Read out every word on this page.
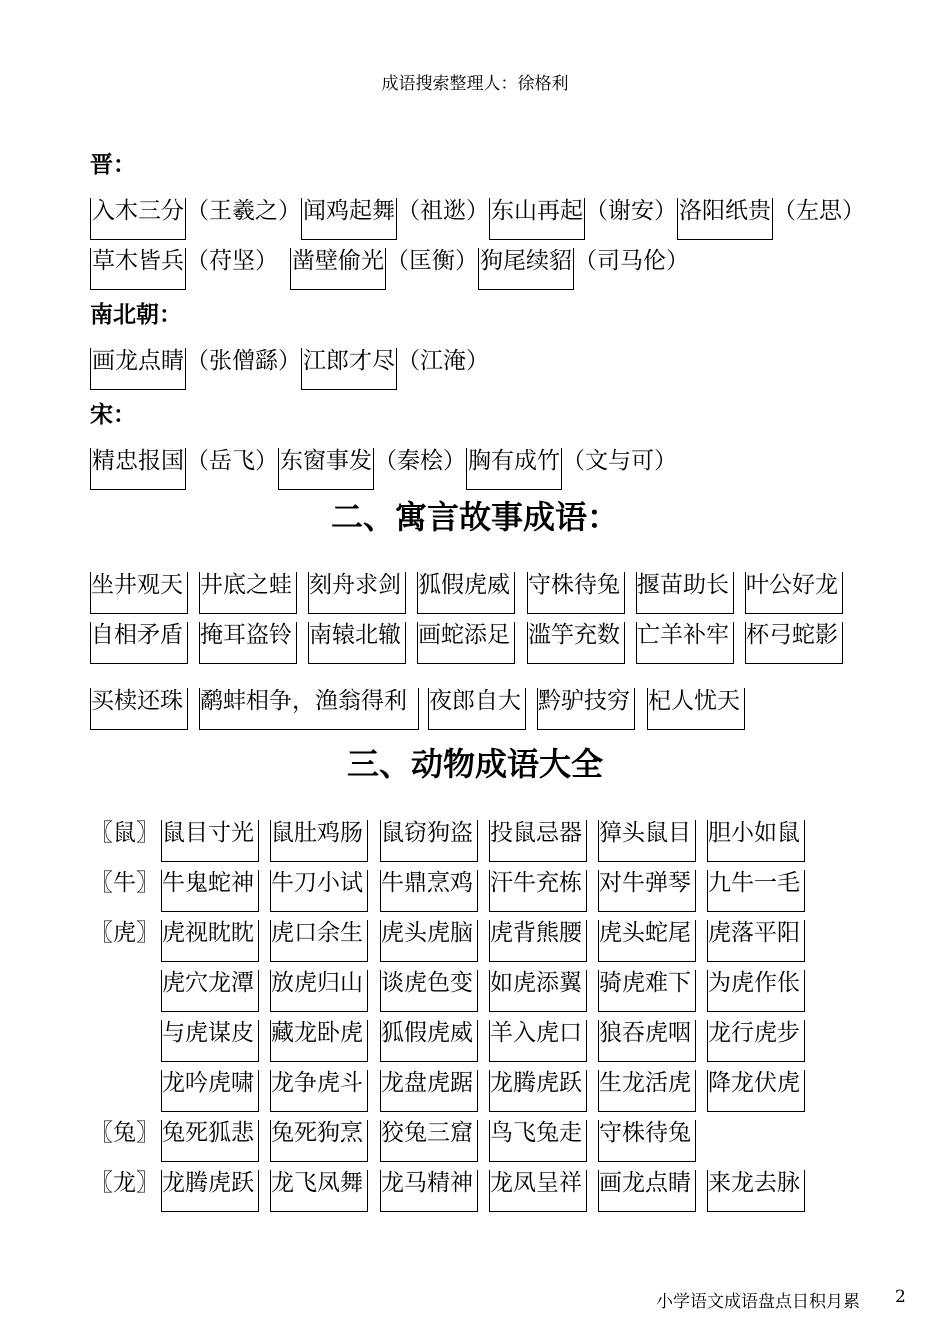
成语搜索整理人：徐格利
晋：
入木三分 （王羲之） 闻鸡起舞 （祖逖） 东山再起 （谢安） 洛阳纸贵 （左思）
草木皆兵 （苻坚） 凿壁偷光 （匡衡） 狗尾续貂 （司马伦）
南北朝：
画龙点睛 （张僧繇） 江郎才尽 （江淹）
宋：
精忠报国 （岳飞） 东窗事发 （秦桧） 胸有成竹 （文与可）
二、寓言故事成语：
坐井观天 井底之蛙 刻舟求剑 狐假虎威 守株待兔 揠苗助长 叶公好龙
自相矛盾 掩耳盗铃 南辕北辙 画蛇添足 滥竽充数 亡羊补牢 杯弓蛇影
买椟还珠 鹬蚌相争，渔翁得利 夜郎自大 黔驴技穷 杞人忧天
三、动物成语大全
〖鼠〗 鼠目寸光 鼠肚鸡肠 鼠窃狗盗 投鼠忌器 獐头鼠目 胆小如鼠
〖牛〗 牛鬼蛇神 牛刀小试 牛鼎烹鸡 汗牛充栋 对牛弹琴 九牛一毛
〖虎〗 虎视眈眈 虎口余生 虎头虎脑 虎背熊腰 虎头蛇尾 虎落平阳
虎穴龙潭 放虎归山 谈虎色变 如虎添翼 骑虎难下 为虎作伥
与虎谋皮 藏龙卧虎 狐假虎威 羊入虎口 狼吞虎咽 龙行虎步
龙吟虎啸 龙争虎斗 龙盘虎踞 龙腾虎跃 生龙活虎 降龙伏虎
〖兔〗 兔死狐悲 兔死狗烹 狡兔三窟 鸟飞兔走 守株待兔
〖龙〗 龙腾虎跃 龙飞凤舞 龙马精神 龙凤呈祥 画龙点睛 来龙去脉
小学语文成语盘点日积月累 2
